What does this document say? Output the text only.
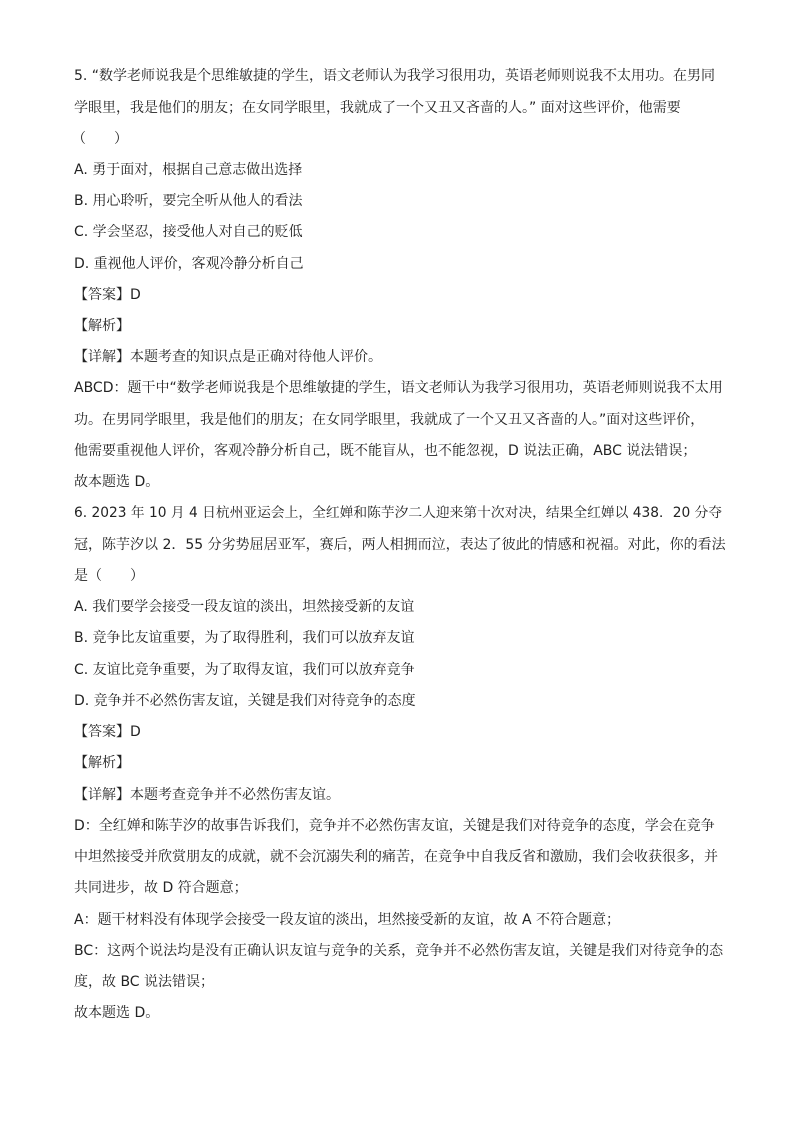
5. “数学老师说我是个思维敏捷的学生，语文老师认为我学习很用功，英语老师则说我不太用功。在男同
学眼里，我是他们的朋友；在女同学眼里，我就成了一个又丑又吝啬的人。” 面对这些评价，他需要
（　　）
A. 勇于面对，根据自己意志做出选择
B. 用心聆听，要完全听从他人的看法
C. 学会坚忍，接受他人对自己的贬低
D. 重视他人评价，客观冷静分析自己
【答案】D
【解析】
【详解】本题考查的知识点是正确对待他人评价。
ABCD：题干中“数学老师说我是个思维敏捷的学生，语文老师认为我学习很用功，英语老师则说我不太用
功。在男同学眼里，我是他们的朋友；在女同学眼里，我就成了一个又丑又吝啬的人。”面对这些评价，
他需要重视他人评价，客观冷静分析自己，既不能盲从，也不能忽视，D 说法正确，ABC 说法错误；
故本题选 D。
6. 2023 年 10 月 4 日杭州亚运会上，全红婵和陈芋汐二人迎来第十次对决，结果全红婵以 438．20 分夺
冠，陈芋汐以 2．55 分劣势屈居亚军，赛后，两人相拥而泣，表达了彼此的情感和祝福。对此，你的看法
是（　　）
A. 我们要学会接受一段友谊的淡出，坦然接受新的友谊
B. 竞争比友谊重要，为了取得胜利，我们可以放弃友谊
C. 友谊比竞争重要，为了取得友谊，我们可以放弃竞争
D. 竞争并不必然伤害友谊，关键是我们对待竞争的态度
【答案】D
【解析】
【详解】本题考查竞争并不必然伤害友谊。
D：全红婵和陈芋汐的故事告诉我们，竞争并不必然伤害友谊，关键是我们对待竞争的态度，学会在竞争
中坦然接受并欣赏朋友的成就，就不会沉溺失利的痛苦，在竞争中自我反省和激励，我们会收获很多，并
共同进步，故 D 符合题意；
A：题干材料没有体现学会接受一段友谊的淡出，坦然接受新的友谊，故 A 不符合题意；
BC：这两个说法均是没有正确认识友谊与竞争的关系，竞争并不必然伤害友谊，关键是我们对待竞争的态
度，故 BC 说法错误；
故本题选 D。
